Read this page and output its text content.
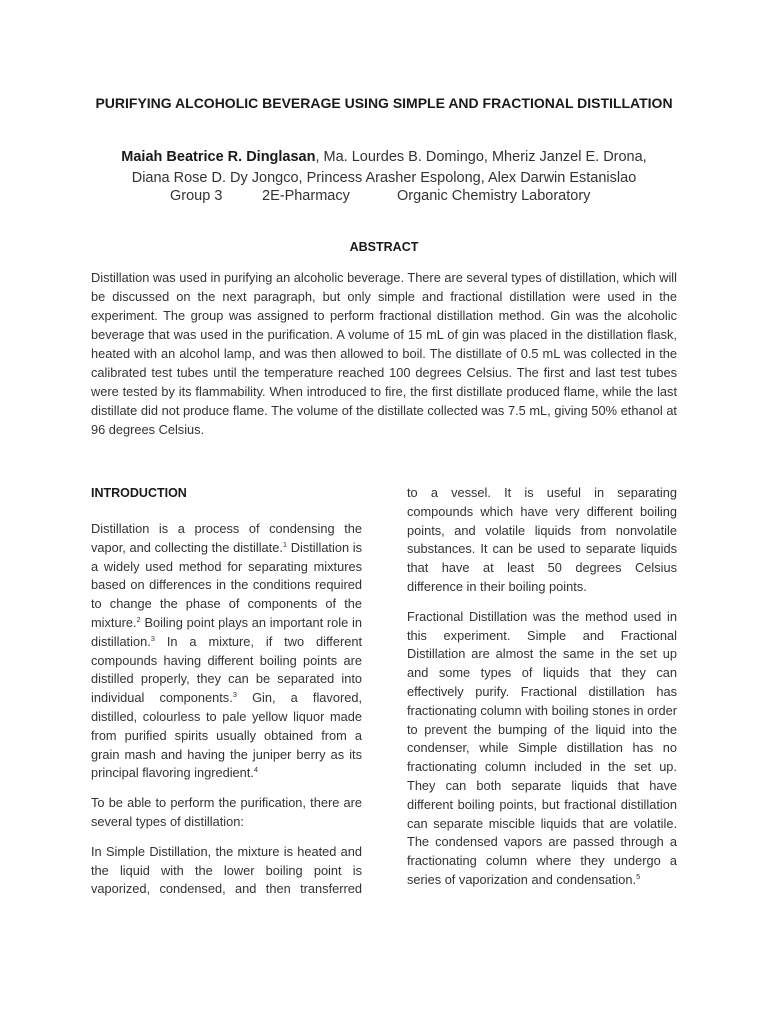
PURIFYING ALCOHOLIC BEVERAGE USING SIMPLE AND FRACTIONAL DISTILLATION
Maiah Beatrice R. Dinglasan, Ma. Lourdes B. Domingo, Mheriz Janzel E. Drona,
Diana Rose D. Dy Jongco, Princess Arasher Espolong, Alex Darwin Estanislao
Group 3	2E-Pharmacy	Organic Chemistry Laboratory
ABSTRACT

Distillation was used in purifying an alcoholic beverage. There are several types of distillation, which will be discussed on the next paragraph, but only simple and fractional distillation were used in the experiment. The group was assigned to perform fractional distillation method. Gin was the alcoholic beverage that was used in the purification. A volume of 15 mL of gin was placed in the distillation flask, heated with an alcohol lamp, and was then allowed to boil. The distillate of 0.5 mL was collected in the calibrated test tubes until the temperature reached 100 degrees Celsius. The first and last test tubes were tested by its flammability. When introduced to fire, the first distillate produced flame, while the last distillate did not produce flame. The volume of the distillate collected was 7.5 mL, giving 50% ethanol at 96 degrees Celsius.

INTRODUCTION

Distillation is a process of condensing the vapor, and collecting the distillate.$^1$ Distillation is a widely used method for separating mixtures based on differences in the conditions required to change the phase of components of the mixture.$^2$ Boiling point plays an important role in distillation.$^3$ In a mixture, if two different compounds having different boiling points are distilled properly, they can be separated into individual components.$^3$ Gin, a flavored, distilled, colourless to pale yellow liquor made from purified spirits usually obtained from a grain mash and having the juniper berry as its principal flavoring ingredient.$^4$

To be able to perform the purification, there are several types of distillation:

In Simple Distillation, the mixture is heated and the liquid with the lower boiling point is vaporized, condensed, and then transferred

to a vessel. It is useful in separating compounds which have very different boiling points, and volatile liquids from nonvolatile substances. It can be used to separate liquids that have at least 50 degrees Celsius difference in their boiling points.

Fractional Distillation was the method used in this experiment. Simple and Fractional Distillation are almost the same in the set up and some types of liquids that they can effectively purify. Fractional distillation has fractionating column with boiling stones in order to prevent the bumping of the liquid into the condenser, while Simple distillation has no fractionating column included in the set up. They can both separate liquids that have different boiling points, but fractional distillation can separate miscible liquids that are volatile. The condensed vapors are passed through a fractionating column where they undergo a series of vaporization and condensation.$^5$
